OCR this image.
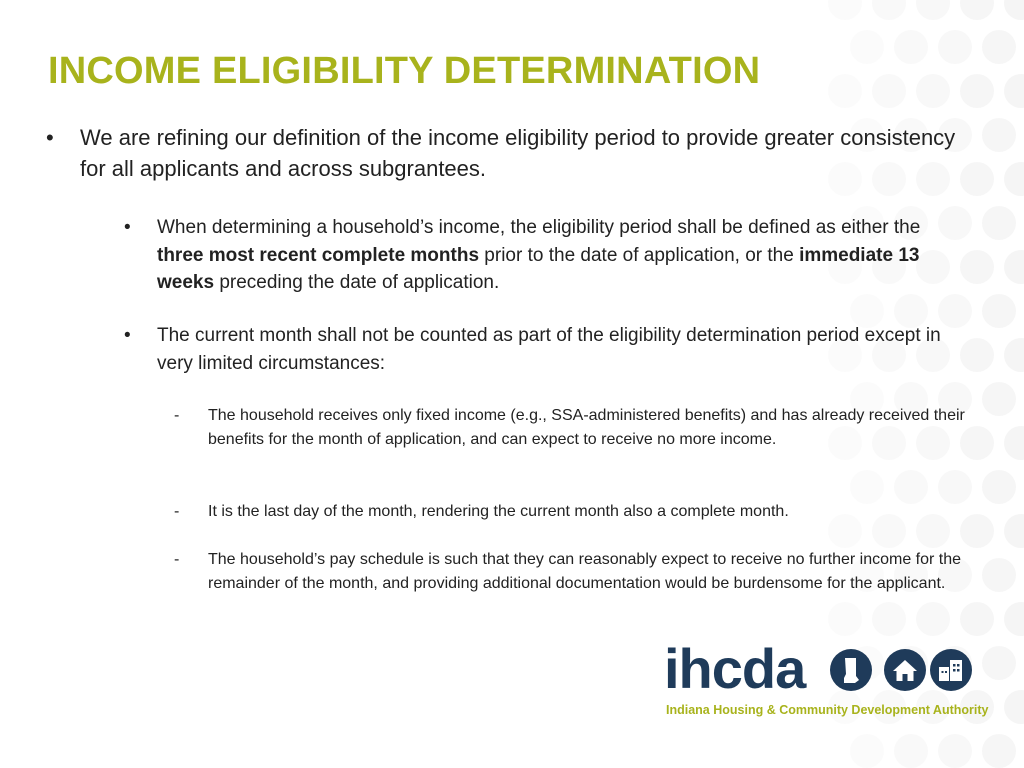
INCOME ELIGIBILITY DETERMINATION
•	We are refining our definition of the income eligibility period to provide greater consistency for all applicants and across subgrantees.

•	When determining a household’s income, the eligibility period shall be defined as either the three most recent complete months prior to the date of application, or the immediate 13 weeks preceding the date of application.

•	The current month shall not be counted as part of the eligibility determination period except in very limited circumstances:

-	The household receives only fixed income (e.g., SSA-administered benefits) and has already received their benefits for the month of application, and can expect to receive no more income.

-	It is the last day of the month, rendering the current month also a complete month.

-	The household’s pay schedule is such that they can reasonably expect to receive no further income for the remainder of the month, and providing additional documentation would be burdensome for the applicant.

ihcda
Indiana Housing & Community Development Authority
